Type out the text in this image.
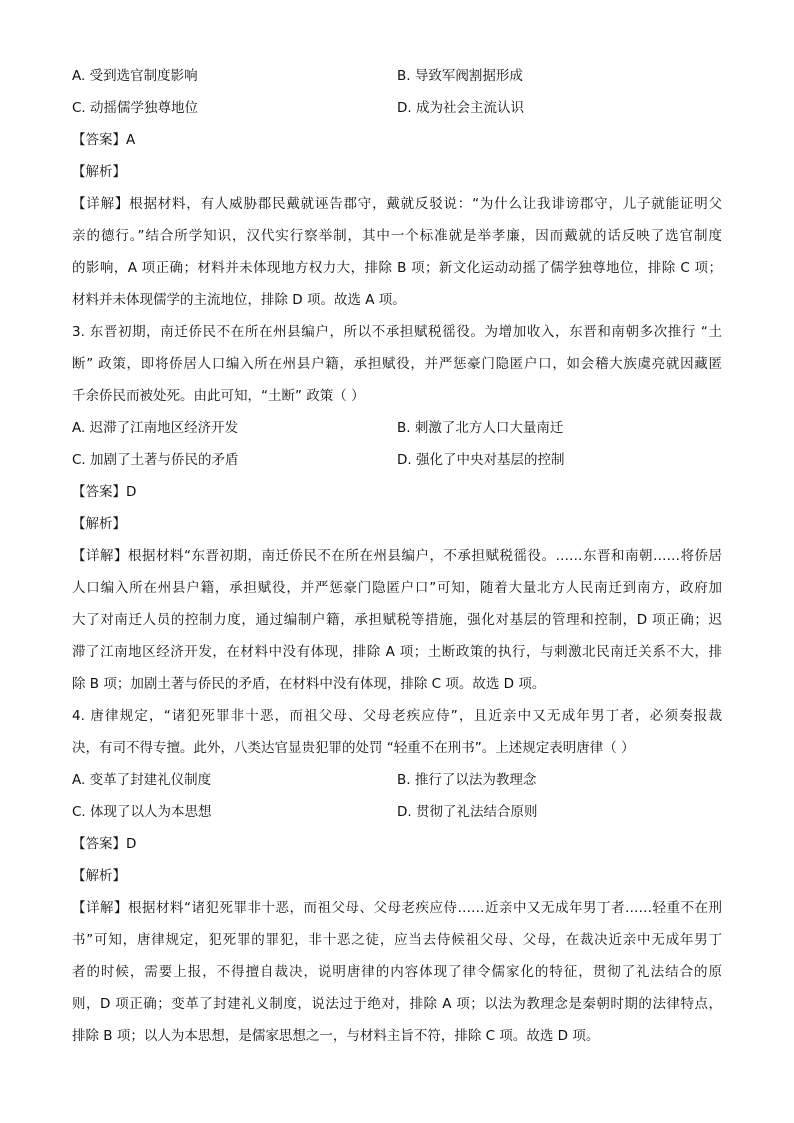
A. 受到选官制度影响	B. 导致军阀割据形成
C. 动摇儒学独尊地位	D. 成为社会主流认识
【答案】A
【解析】
【详解】根据材料，有人威胁郡民戴就诬告郡守，戴就反驳说：“为什么让我诽谤郡守，儿子就能证明父
亲的德行。”结合所学知识，汉代实行察举制，其中一个标准就是举孝廉，因而戴就的话反映了选官制度
的影响，A 项正确；材料并未体现地方权力大，排除 B 项；新文化运动动摇了儒学独尊地位，排除 C 项；
材料并未体现儒学的主流地位，排除 D 项。故选 A 项。
3. 东晋初期，南迁侨民不在所在州县编户，所以不承担赋税徭役。为增加收入，东晋和南朝多次推行 “土
断” 政策，即将侨居人口编入所在州县户籍，承担赋役，并严惩豪门隐匿户口，如会稽大族虞亮就因藏匿
千余侨民而被处死。由此可知，“土断” 政策（ ）
A. 迟滞了江南地区经济开发	B. 刺激了北方人口大量南迁
C. 加剧了土著与侨民的矛盾	D. 强化了中央对基层的控制
【答案】D
【解析】
【详解】根据材料“东晋初期，南迁侨民不在所在州县编户，不承担赋税徭役。……东晋和南朝……将侨居
人口编入所在州县户籍，承担赋役，并严惩豪门隐匿户口”可知，随着大量北方人民南迁到南方，政府加
大了对南迁人员的控制力度，通过编制户籍，承担赋税等措施，强化对基层的管理和控制，D 项正确；迟
滞了江南地区经济开发，在材料中没有体现，排除 A 项；土断政策的执行，与刺激北民南迁关系不大，排
除 B 项；加剧土著与侨民的矛盾，在材料中没有体现，排除 C 项。故选 D 项。
4. 唐律规定，“诸犯死罪非十恶，而祖父母、父母老疾应侍”，且近亲中又无成年男丁者，必须奏报裁
决，有司不得专擅。此外，八类达官显贵犯罪的处罚 “轻重不在刑书”。上述规定表明唐律（ ）
A. 变革了封建礼仪制度	B. 推行了以法为教理念
C. 体现了以人为本思想	D. 贯彻了礼法结合原则
【答案】D
【解析】
【详解】根据材料“诸犯死罪非十恶，而祖父母、父母老疾应侍……近亲中又无成年男丁者……轻重不在刑
书”可知，唐律规定，犯死罪的罪犯，非十恶之徒，应当去侍候祖父母、父母，在裁决近亲中无成年男丁
者的时候，需要上报，不得擅自裁决，说明唐律的内容体现了律令儒家化的特征，贯彻了礼法结合的原
则，D 项正确；变革了封建礼义制度，说法过于绝对，排除 A 项；以法为教理念是秦朝时期的法律特点，
排除 B 项；以人为本思想，是儒家思想之一，与材料主旨不符，排除 C 项。故选 D 项。
